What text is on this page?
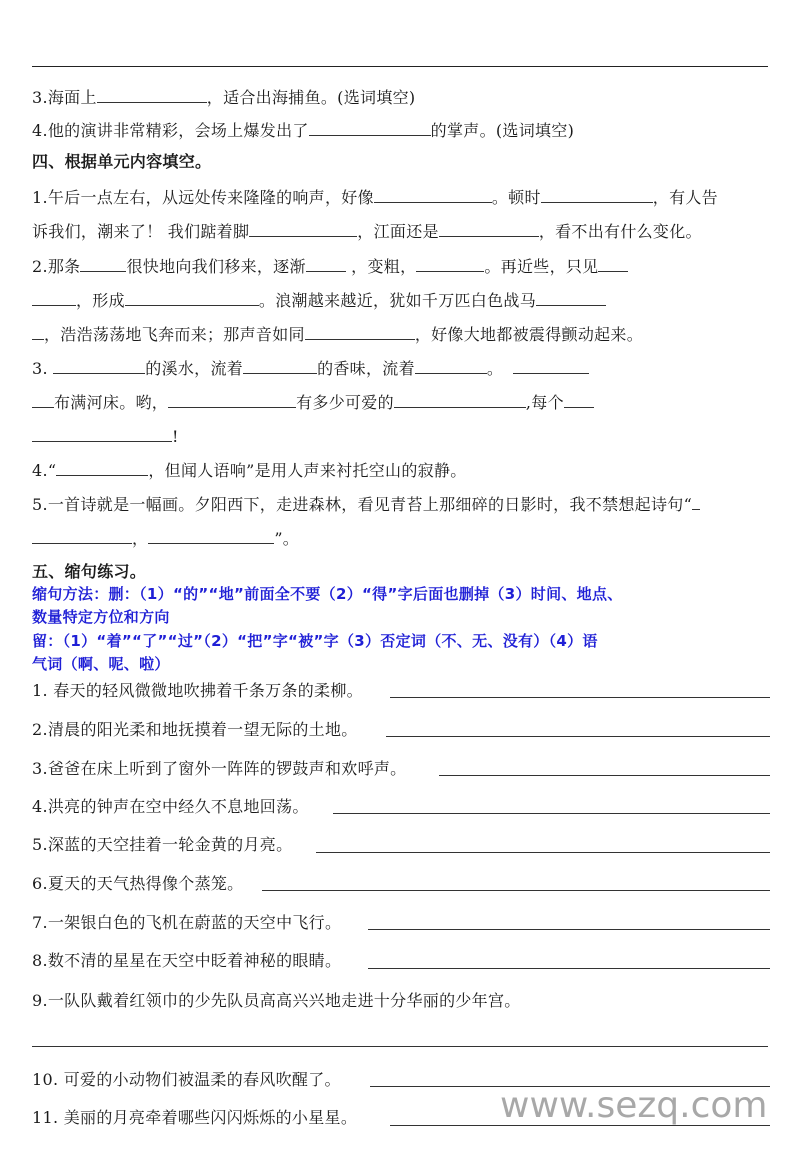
3.海面上	，适合出海捕鱼。(选词填空)
4.他的演讲非常精彩，会场上爆发出了	的掌声。(选词填空)
四、根据单元内容填空。
1.午后一点左右，从远处传来隆隆的响声，好像	。顿时	，有人告
诉我们，潮来了！ 我们踮着脚	，江面还是	，看不出有什么变化。
2.那条	很快地向我们移来，逐渐	，变粗，	。再近些，只见
，形成	。浪潮越来越近，犹如千万匹白色战马
，浩浩荡荡地飞奔而来；那声音如同	，好像大地都被震得颤动起来。
3.	的溪水，流着	的香味，流着	。
布满河床。哟，	有多少可爱的	,每个
!
4.“	，但闻人语响”是用人声来衬托空山的寂静。
5.一首诗就是一幅画。夕阳西下，走进森林，看见青苔上那细碎的日影时，我不禁想起诗句“
，	”。
五、缩句练习。
缩句方法：删：（1）“的”“地”前面全不要（2）“得”字后面也删掉（3）时间、地点、
数量特定方位和方向
留：（1）“着”“了”“过”（2）“把”字“被”字（3）否定词（不、无、没有）（4）语
气词（啊、呢、啦）
1. 春天的轻风微微地吹拂着千条万条的柔柳。
2.清晨的阳光柔和地抚摸着一望无际的土地。
3.爸爸在床上听到了窗外一阵阵的锣鼓声和欢呼声。
4.洪亮的钟声在空中经久不息地回荡。
5.深蓝的天空挂着一轮金黄的月亮。
6.夏天的天气热得像个蒸笼。
7.一架银白色的飞机在蔚蓝的天空中飞行。
8.数不清的星星在天空中眨着神秘的眼睛。
9.一队队戴着红领巾的少先队员高高兴兴地走进十分华丽的少年宫。
10. 可爱的小动物们被温柔的春风吹醒了。
11. 美丽的月亮牵着哪些闪闪烁烁的小星星。	www.sezq.com
